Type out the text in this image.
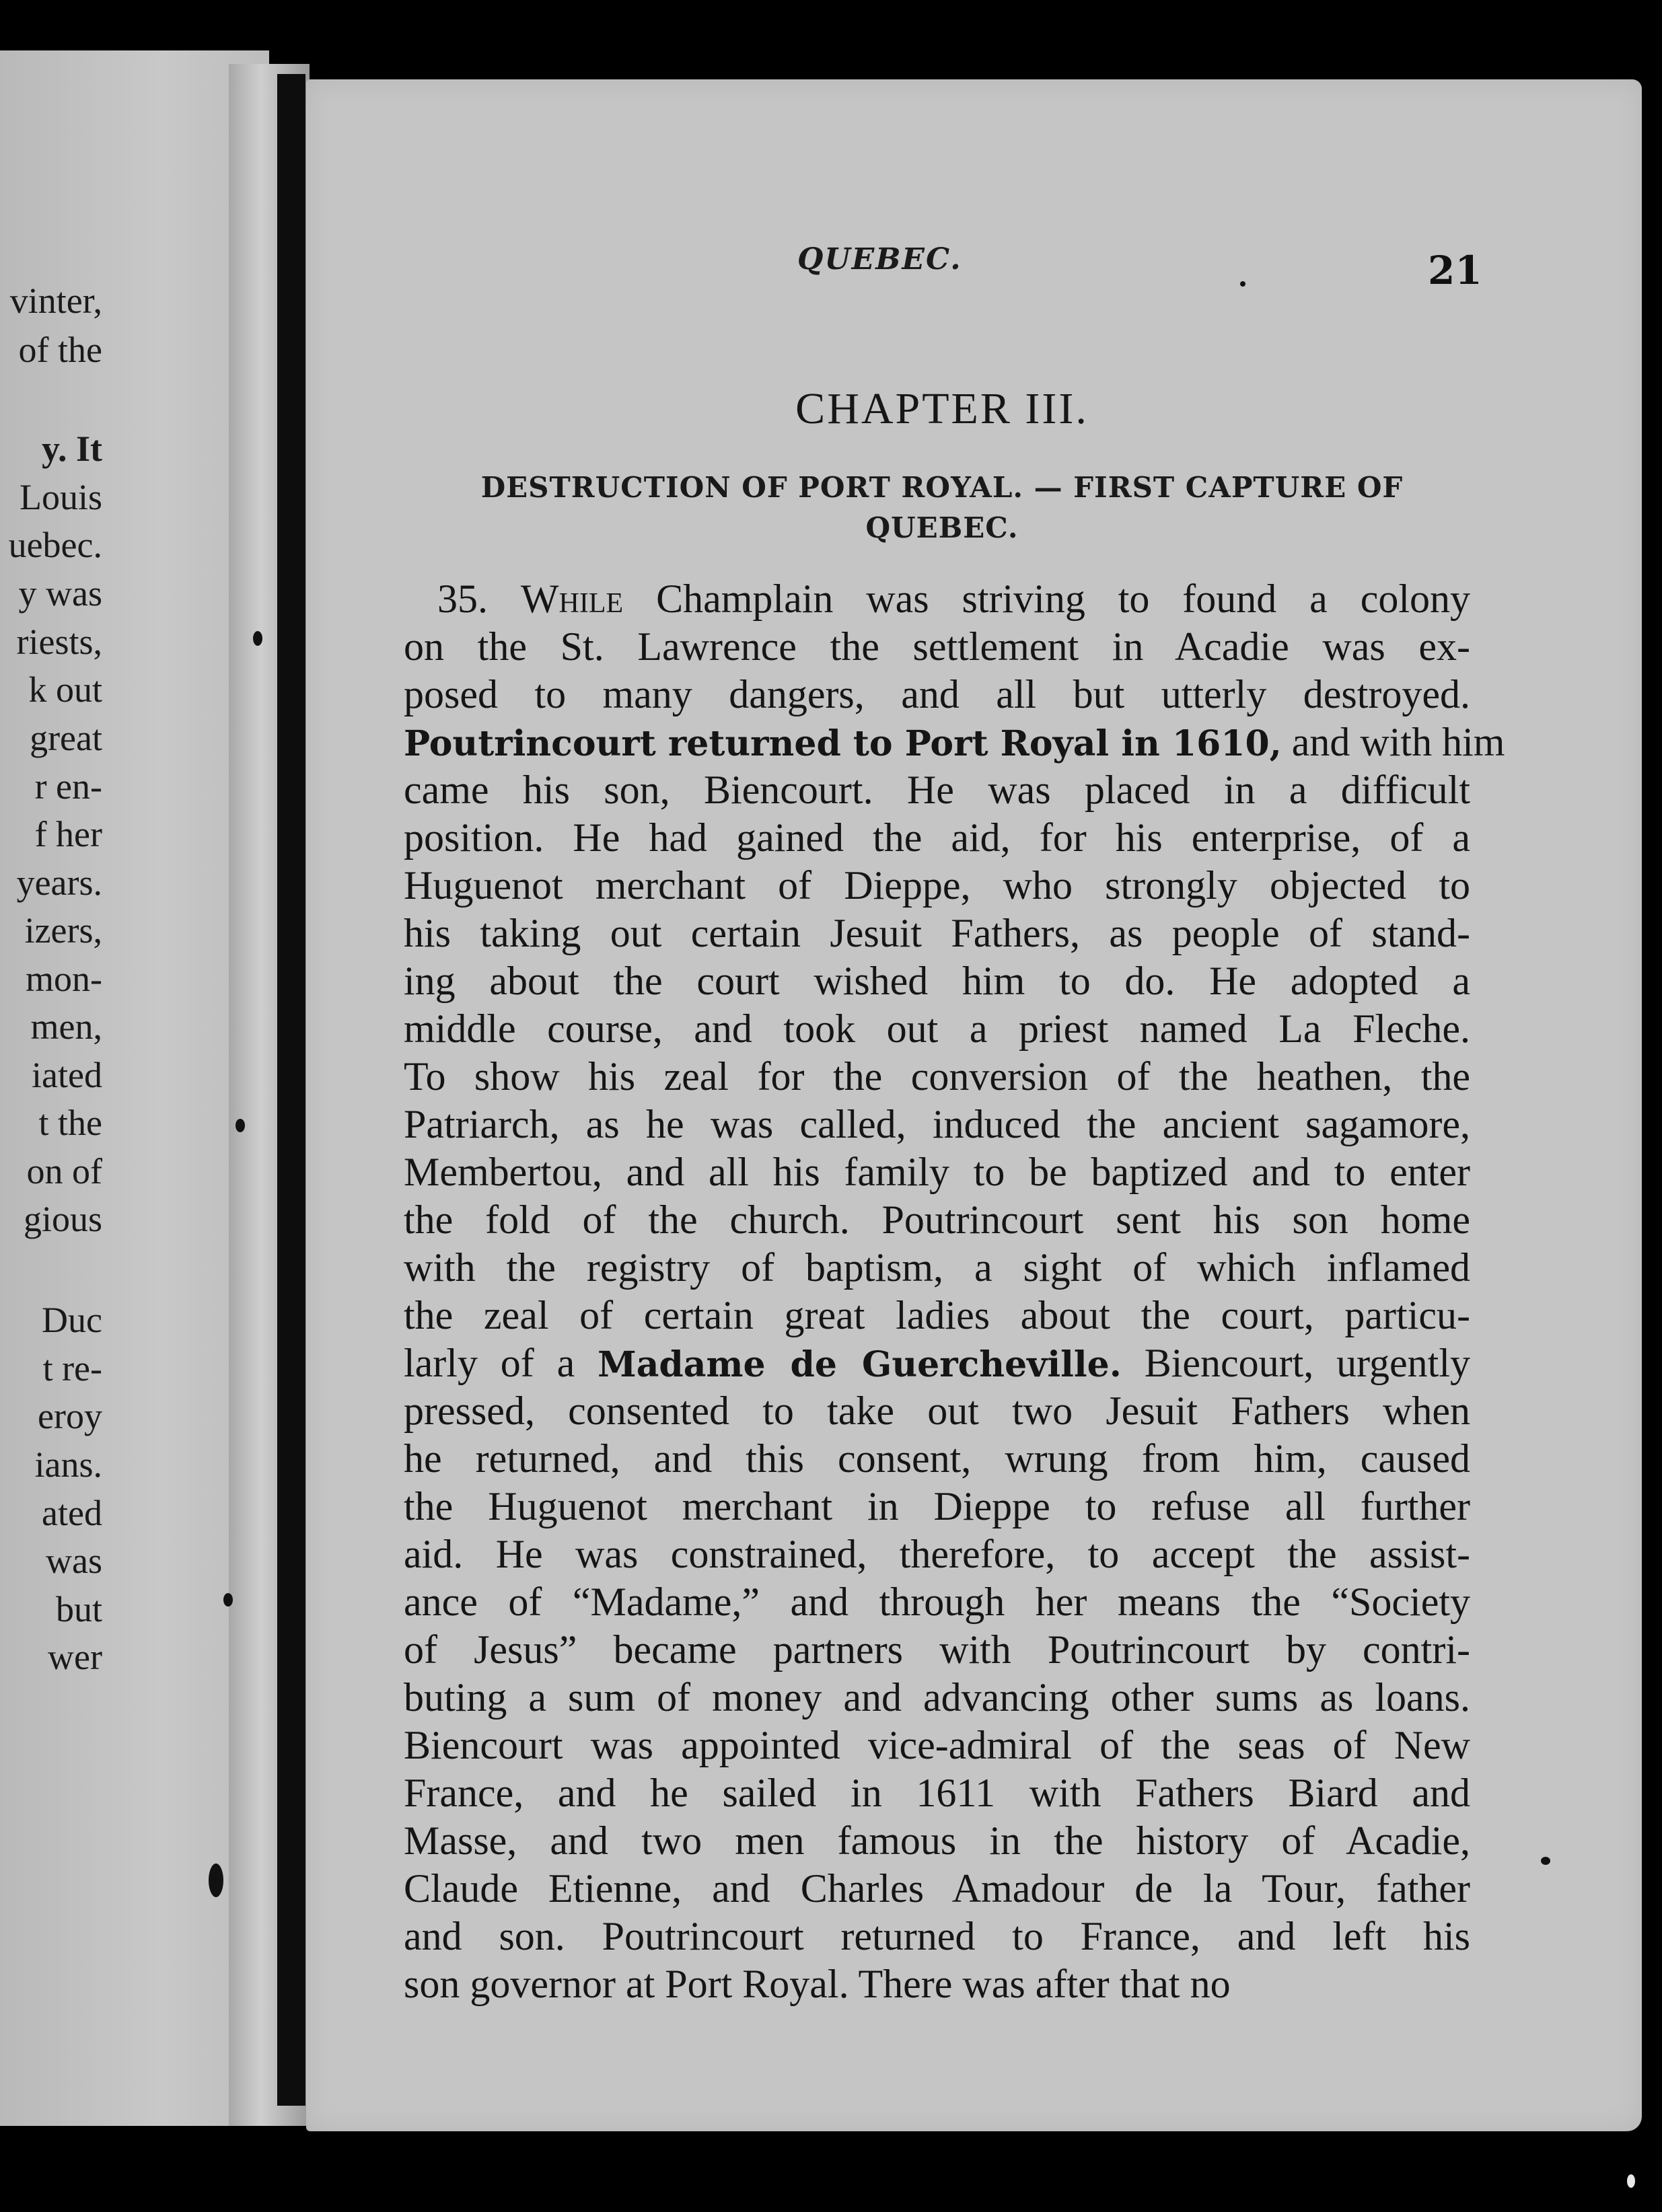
vinter,
of the
y. It
Louis
uebec.
y was
riests,
k out
great
r en-
f her
years.
izers,
mon-
men,
iated
t the
on of
gious
Duc
t re-
eroy
ians.
ated
was
but
wer
QUEBEC.	21
CHAPTER III.
DESTRUCTION OF PORT ROYAL. — FIRST CAPTURE OF
QUEBEC.
35. While Champlain was striving to found a colony
on the St. Lawrence the settlement in Acadie was ex-
posed to many dangers, and all but utterly destroyed.
Poutrincourt returned to Port Royal in 1610, and with him
came his son, Biencourt. He was placed in a difficult
position. He had gained the aid, for his enterprise, of a
Huguenot merchant of Dieppe, who strongly objected to
his taking out certain Jesuit Fathers, as people of stand-
ing about the court wished him to do. He adopted a
middle course, and took out a priest named La Fleche.
To show his zeal for the conversion of the heathen, the
Patriarch, as he was called, induced the ancient sagamore,
Membertou, and all his family to be baptized and to enter
the fold of the church. Poutrincourt sent his son home
with the registry of baptism, a sight of which inflamed
the zeal of certain great ladies about the court, particu-
larly of a Madame de Guercheville. Biencourt, urgently
pressed, consented to take out two Jesuit Fathers when
he returned, and this consent, wrung from him, caused
the Huguenot merchant in Dieppe to refuse all further
aid. He was constrained, therefore, to accept the assist-
ance of “Madame,” and through her means the “Society
of Jesus” became partners with Poutrincourt by contri-
buting a sum of money and advancing other sums as loans.
Biencourt was appointed vice-admiral of the seas of New
France, and he sailed in 1611 with Fathers Biard and
Masse, and two men famous in the history of Acadie,
Claude Etienne, and Charles Amadour de la Tour, father
and son. Poutrincourt returned to France, and left his
son governor at Port Royal. There was after that no
